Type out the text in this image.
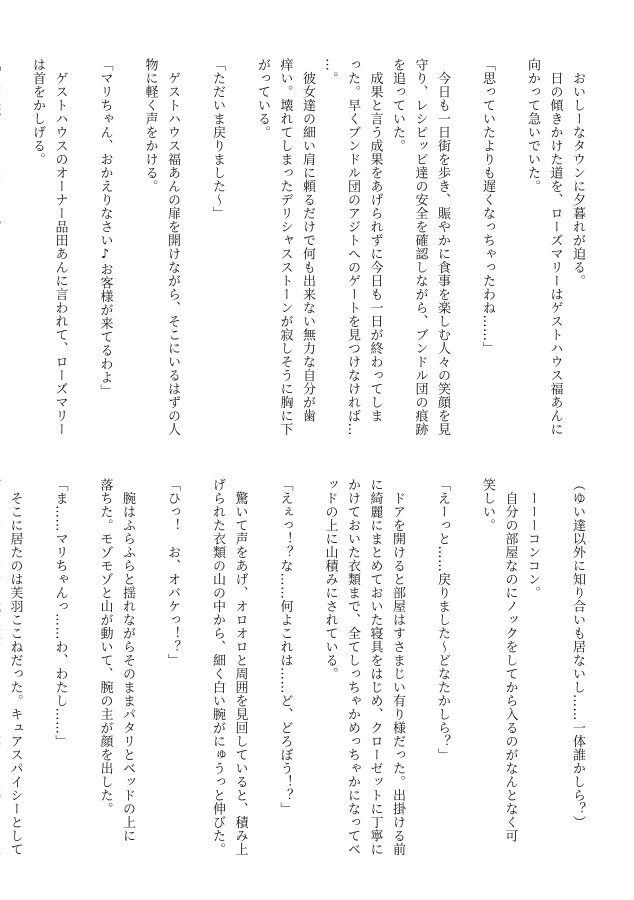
　おいしーなタウンに夕暮れが迫る。
　日の傾きかけた道を、ローズマリーはゲストハウス福あんに
向かって急いでいた。

「思っていたよりも遅くなっちゃったわね……」

　今日も一日街を歩き、賑やかに食事を楽しむ人々の笑顔を見
守り、レシピッピ達の安全を確認しながら、ブンドル団の痕跡
を追っていた。
　成果と言う成果をあげられずに今日も一日が終わってしま
った。早くブンドル団のアジトへのゲートを見つけなければ…
…。
　彼女達の細い肩に頼るだけで何も出来ない無力な自分が歯
痒い。壊れてしまったデリシャスストーンが寂しそうに胸に下
がっている。

「ただいま戻りました～」

　ゲストハウス福あんの扉を開けながら、そこにいるはずの人
物に軽く声をかける。

「マリちゃん、おかえりなさい♪お客様が来てるわよ」

　ゲストハウスのオーナー品田あんに言われて、ローズマリー
は首をかしげる。

（ゆい達以外に知り合いも居ないし……一体誰かしら？）

　ーーーコンコン。
　自分の部屋なのにノックをしてから入るのがなんとなく可
笑しい。

「えーっと……戻りました～どなたかしら？」

　ドアを開けると部屋はすさまじい有り様だった。出掛ける前
に綺麗にまとめておいた寝具をはじめ、クローゼットに丁寧に
かけておいた衣類まで、全てしっちゃかめっちゃかになってベ
ッドの上に山積みにされている。

「えぇっ！？な……何よこれは……ど、どろぼう！？」

　驚いて声をあげ、オロオロと周囲を見回していると、積み上
げられた衣類の山の中から、細く白い腕がにゅうっと伸びた。

「ひっ！　お、オバケっ！？」

　腕はふらふらと揺れながらそのままパタリとベッドの上に
落ちた。モゾモゾと山が動いて、腕の主が顔を出した。

「ま……マリちゃんっ……わ、わたし……」

　そこに居たのは芙羽ここねだった。キュアスパイシーとして
